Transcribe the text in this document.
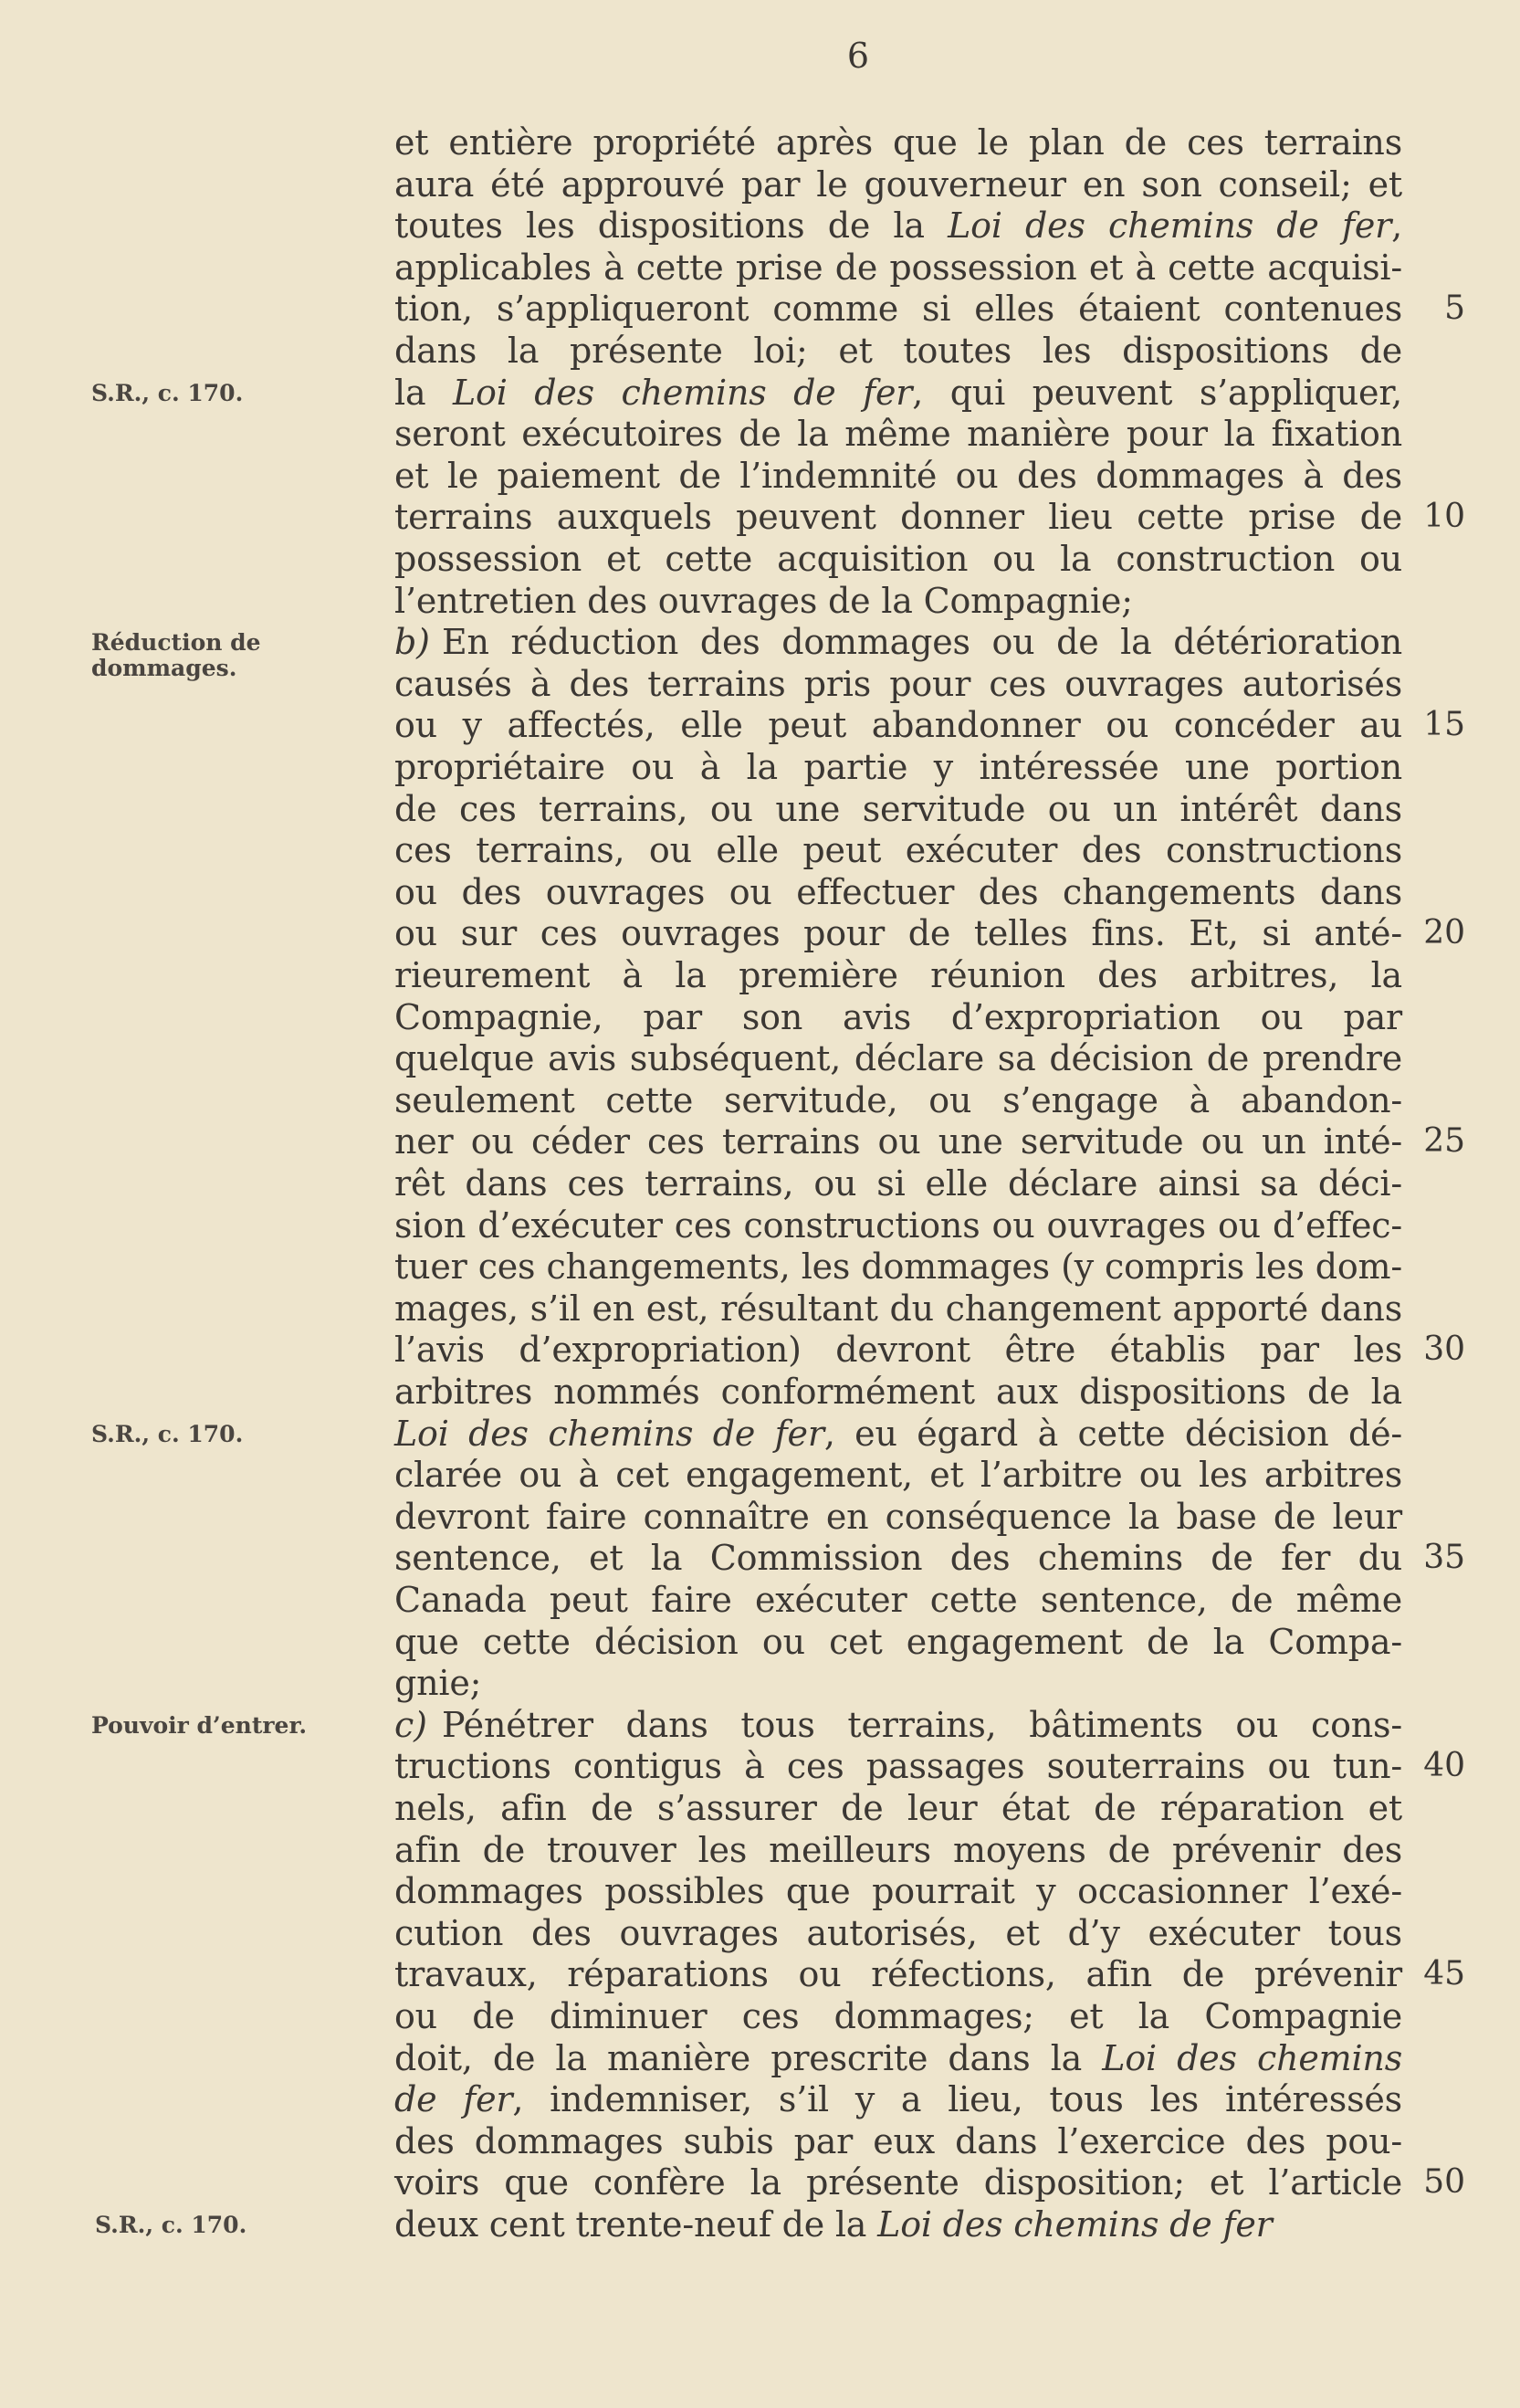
6
S.R., c. 170.
Réduction de dommages.
S.R., c. 170.
Pouvoir d’entrer.
S.R., c. 170.
b)
c)
et entière propriété après que le plan de ces terrains
aura été approuvé par le gouverneur en son conseil; et
toutes les dispositions de la Loi des chemins de fer,
applicables à cette prise de possession et à cette acquisi-
tion, s’appliqueront comme si elles étaient contenues
dans la présente loi; et toutes les dispositions de
la Loi des chemins de fer, qui peuvent s’appliquer,
seront exécutoires de la même manière pour la fixation
et le paiement de l’indemnité ou des dommages à des
terrains auxquels peuvent donner lieu cette prise de
possession et cette acquisition ou la construction ou
l’entretien des ouvrages de la Compagnie;
En réduction des dommages ou de la détérioration
causés à des terrains pris pour ces ouvrages autorisés
ou y affectés, elle peut abandonner ou concéder au
propriétaire ou à la partie y intéressée une portion
de ces terrains, ou une servitude ou un intérêt dans
ces terrains, ou elle peut exécuter des constructions
ou des ouvrages ou effectuer des changements dans
ou sur ces ouvrages pour de telles fins. Et, si anté-
rieurement à la première réunion des arbitres, la
Compagnie, par son avis d’expropriation ou par
quelque avis subséquent, déclare sa décision de prendre
seulement cette servitude, ou s’engage à abandon-
ner ou céder ces terrains ou une servitude ou un inté-
rêt dans ces terrains, ou si elle déclare ainsi sa déci-
sion d’exécuter ces constructions ou ouvrages ou d’effec-
tuer ces changements, les dommages (y compris les dom-
mages, s’il en est, résultant du changement apporté dans
l’avis d’expropriation) devront être établis par les
arbitres nommés conformément aux dispositions de la
Loi des chemins de fer, eu égard à cette décision dé-
clarée ou à cet engagement, et l’arbitre ou les arbitres
devront faire connaître en conséquence la base de leur
sentence, et la Commission des chemins de fer du
Canada peut faire exécuter cette sentence, de même
que cette décision ou cet engagement de la Compa-
gnie;
Pénétrer dans tous terrains, bâtiments ou cons-
tructions contigus à ces passages souterrains ou tun-
nels, afin de s’assurer de leur état de réparation et
afin de trouver les meilleurs moyens de prévenir des
dommages possibles que pourrait y occasionner l’exé-
cution des ouvrages autorisés, et d’y exécuter tous
travaux, réparations ou réfections, afin de prévenir
ou de diminuer ces dommages; et la Compagnie
doit, de la manière prescrite dans la Loi des chemins
de fer, indemniser, s’il y a lieu, tous les intéressés
des dommages subis par eux dans l’exercice des pou-
voirs que confère la présente disposition; et l’article
deux cent trente-neuf de la Loi des chemins de fer
5
10
15
20
25
30
35
40
45
50
